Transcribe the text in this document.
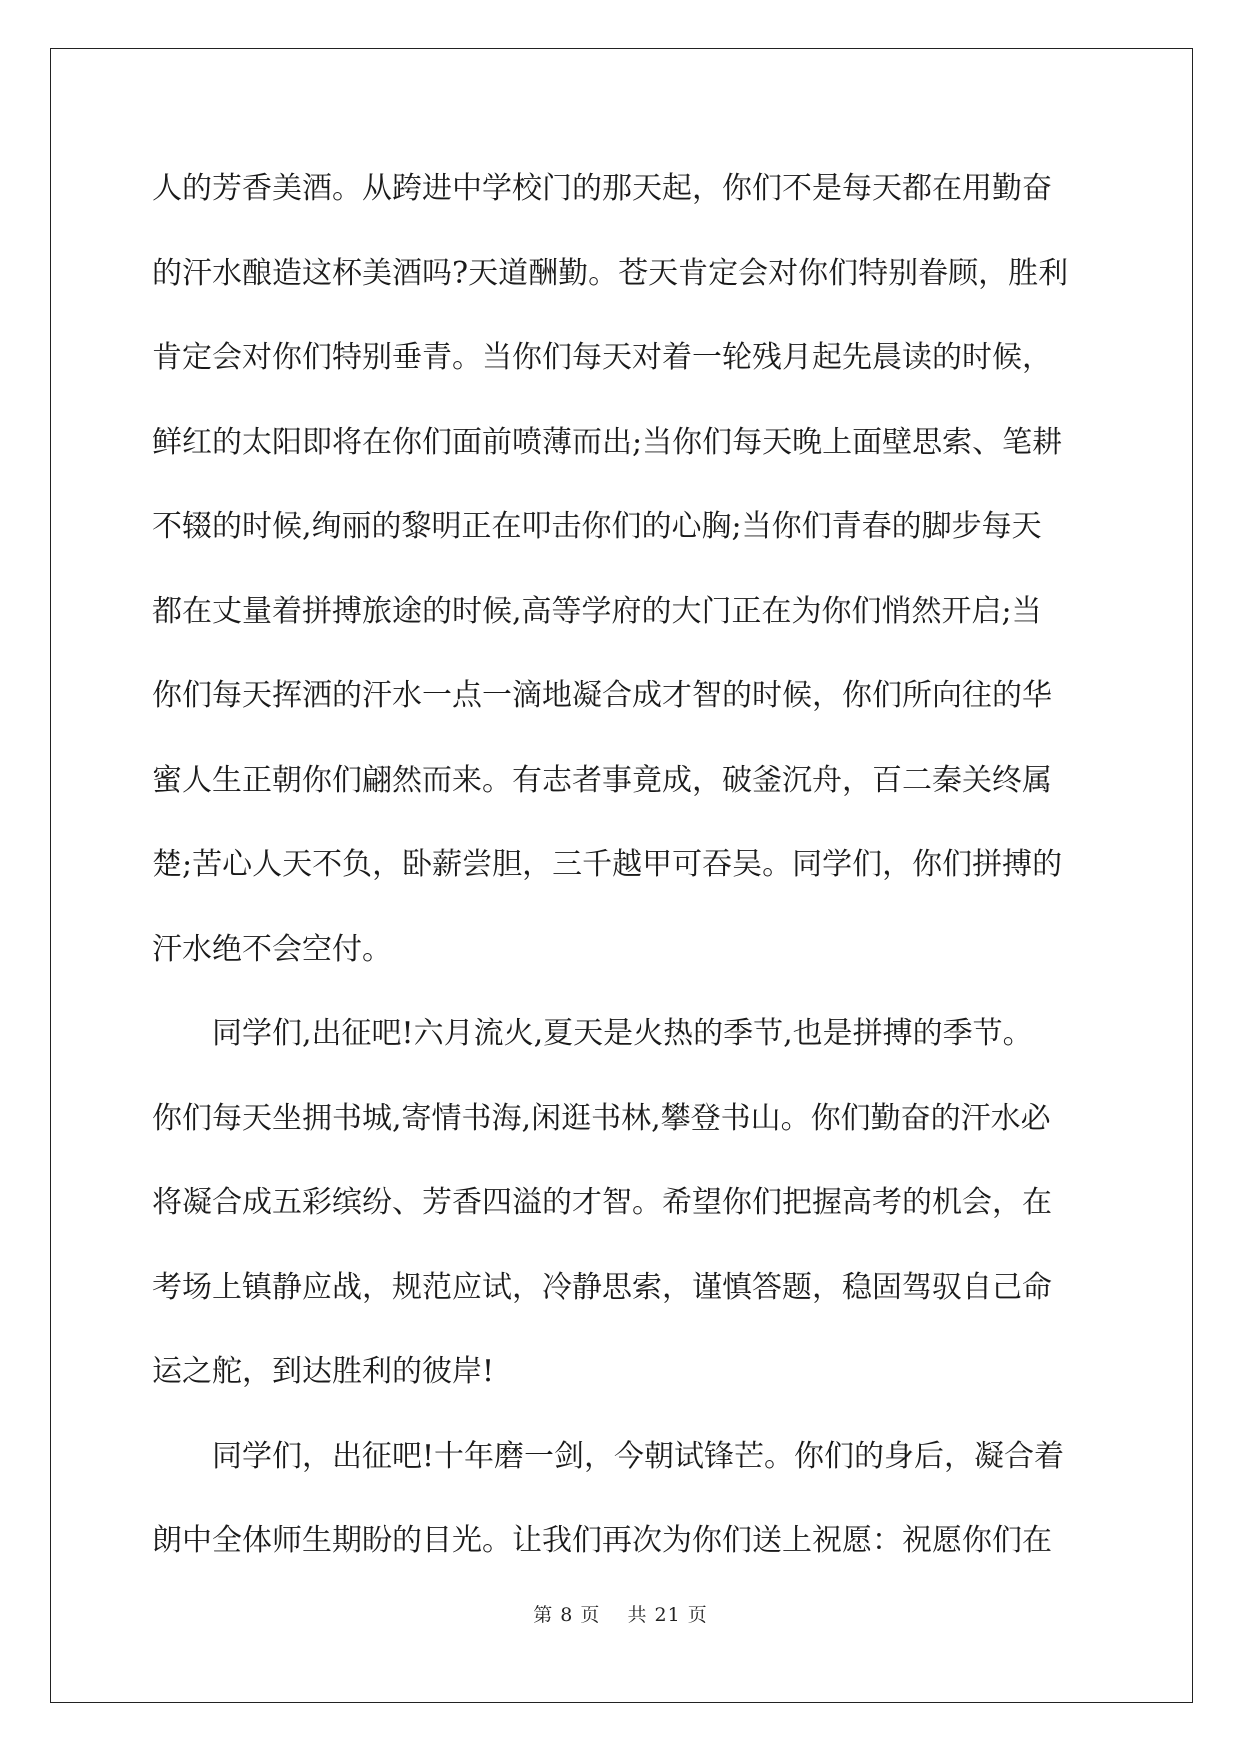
人的芳香美酒。从跨进中学校门的那天起，你们不是每天都在用勤奋
的汗水酿造这杯美酒吗?天道酬勤。苍天肯定会对你们特别眷顾，胜利
肯定会对你们特别垂青。当你们每天对着一轮残月起先晨读的时候，
鲜红的太阳即将在你们面前喷薄而出;当你们每天晚上面壁思索、笔耕
不辍的时候,绚丽的黎明正在叩击你们的心胸;当你们青春的脚步每天
都在丈量着拼搏旅途的时候,高等学府的大门正在为你们悄然开启;当
你们每天挥洒的汗水一点一滴地凝合成才智的时候，你们所向往的华
蜜人生正朝你们翩然而来。有志者事竟成，破釜沉舟，百二秦关终属
楚;苦心人天不负，卧薪尝胆，三千越甲可吞吴。同学们，你们拼搏的
汗水绝不会空付。
　　同学们,出征吧!六月流火,夏天是火热的季节,也是拼搏的季节。
你们每天坐拥书城,寄情书海,闲逛书林,攀登书山。你们勤奋的汗水必
将凝合成五彩缤纷、芳香四溢的才智。希望你们把握高考的机会，在
考场上镇静应战，规范应试，冷静思索，谨慎答题，稳固驾驭自己命
运之舵，到达胜利的彼岸!
　　同学们，出征吧!十年磨一剑，今朝试锋芒。你们的身后，凝合着
朗中全体师生期盼的目光。让我们再次为你们送上祝愿：祝愿你们在
第 8 页　 共 21 页
